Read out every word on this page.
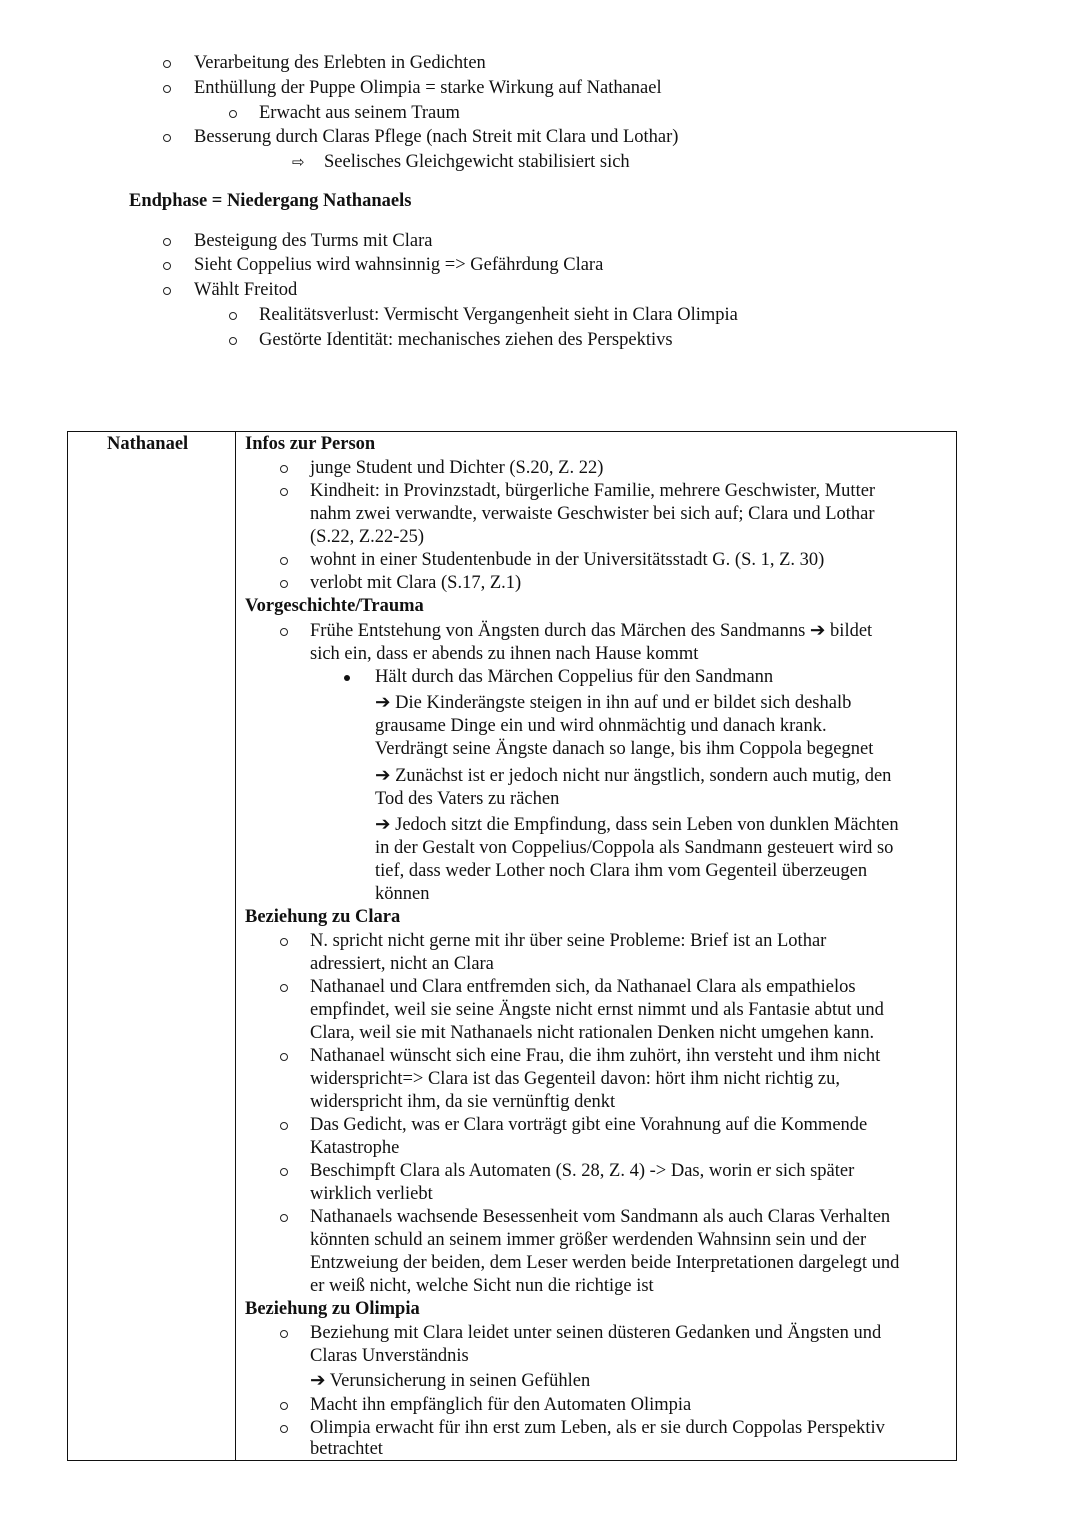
Verarbeitung des Erlebten in Gedichten
Enthüllung der Puppe Olimpia = starke Wirkung auf Nathanael
Erwacht aus seinem Traum
Besserung durch Claras Pflege (nach Streit mit Clara und Lothar)
⇨ Seelisches Gleichgewicht stabilisiert sich
Endphase = Niedergang Nathanaels
Besteigung des Turms mit Clara
Sieht Coppelius wird wahnsinnig => Gefährdung Clara
Wählt Freitod
Realitätsverlust: Vermischt Vergangenheit sieht in Clara Olimpia
Gestörte Identität: mechanisches ziehen des Perspektivs
Nathanael	Infos zur Person
junge Student und Dichter (S.20, Z. 22)
Kindheit: in Provinzstadt, bürgerliche Familie, mehrere Geschwister, Mutter
nahm zwei verwandte, verwaiste Geschwister bei sich auf; Clara und Lothar
(S.22, Z.22-25)
wohnt in einer Studentenbude in der Universitätsstadt G. (S. 1, Z. 30)
verlobt mit Clara (S.17, Z.1)
Vorgeschichte/Trauma
Frühe Entstehung von Ängsten durch das Märchen des Sandmanns ➔ bildet
sich ein, dass er abends zu ihnen nach Hause kommt
Hält durch das Märchen Coppelius für den Sandmann
➔ Die Kinderängste steigen in ihn auf und er bildet sich deshalb
grausame Dinge ein und wird ohnmächtig und danach krank.
Verdrängt seine Ängste danach so lange, bis ihm Coppola begegnet
➔ Zunächst ist er jedoch nicht nur ängstlich, sondern auch mutig, den
Tod des Vaters zu rächen
➔ Jedoch sitzt die Empfindung, dass sein Leben von dunklen Mächten
in der Gestalt von Coppelius/Coppola als Sandmann gesteuert wird so
tief, dass weder Lother noch Clara ihm vom Gegenteil überzeugen
können
Beziehung zu Clara
N. spricht nicht gerne mit ihr über seine Probleme: Brief ist an Lothar
adressiert, nicht an Clara
Nathanael und Clara entfremden sich, da Nathanael Clara als empathielos
empfindet, weil sie seine Ängste nicht ernst nimmt und als Fantasie abtut und
Clara, weil sie mit Nathanaels nicht rationalen Denken nicht umgehen kann.
Nathanael wünscht sich eine Frau, die ihm zuhört, ihn versteht und ihm nicht
widerspricht=> Clara ist das Gegenteil davon: hört ihm nicht richtig zu,
widerspricht ihm, da sie vernünftig denkt
Das Gedicht, was er Clara vorträgt gibt eine Vorahnung auf die Kommende
Katastrophe
Beschimpft Clara als Automaten (S. 28, Z. 4) -> Das, worin er sich später
wirklich verliebt
Nathanaels wachsende Besessenheit vom Sandmann als auch Claras Verhalten
könnten schuld an seinem immer größer werdenden Wahnsinn sein und der
Entzweiung der beiden, dem Leser werden beide Interpretationen dargelegt und
er weiß nicht, welche Sicht nun die richtige ist
Beziehung zu Olimpia
Beziehung mit Clara leidet unter seinen düsteren Gedanken und Ängsten und
Claras Unverständnis
➔ Verunsicherung in seinen Gefühlen
Macht ihn empfänglich für den Automaten Olimpia
Olimpia erwacht für ihn erst zum Leben, als er sie durch Coppolas Perspektiv
betrachtet
